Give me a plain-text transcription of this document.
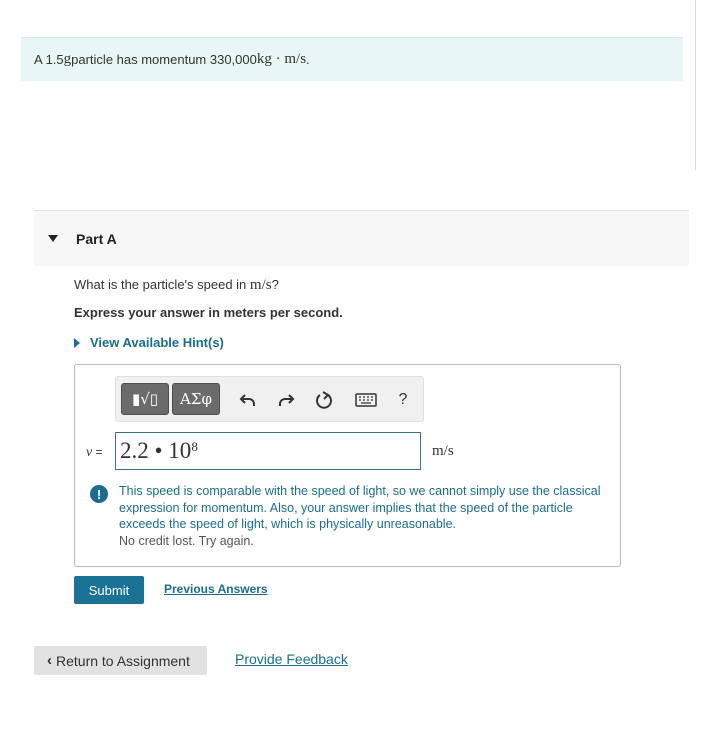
A 1.5 g particle has momentum 330,000 kg · m/s .
Part A
What is the particle's speed in m/s?
Express your answer in meters per second.
View Available Hint(s)
▮√▯ ΑΣφ	?
v = 2.2 • $10^8$	m/s
!	This speed is comparable with the speed of light, so we cannot simply use the classical expression for momentum. Also, your answer implies that the speed of the particle exceeds the speed of light, which is physically unreasonable.
No credit lost. Try again.
Submit	Previous Answers
‹ Return to Assignment	Provide Feedback
